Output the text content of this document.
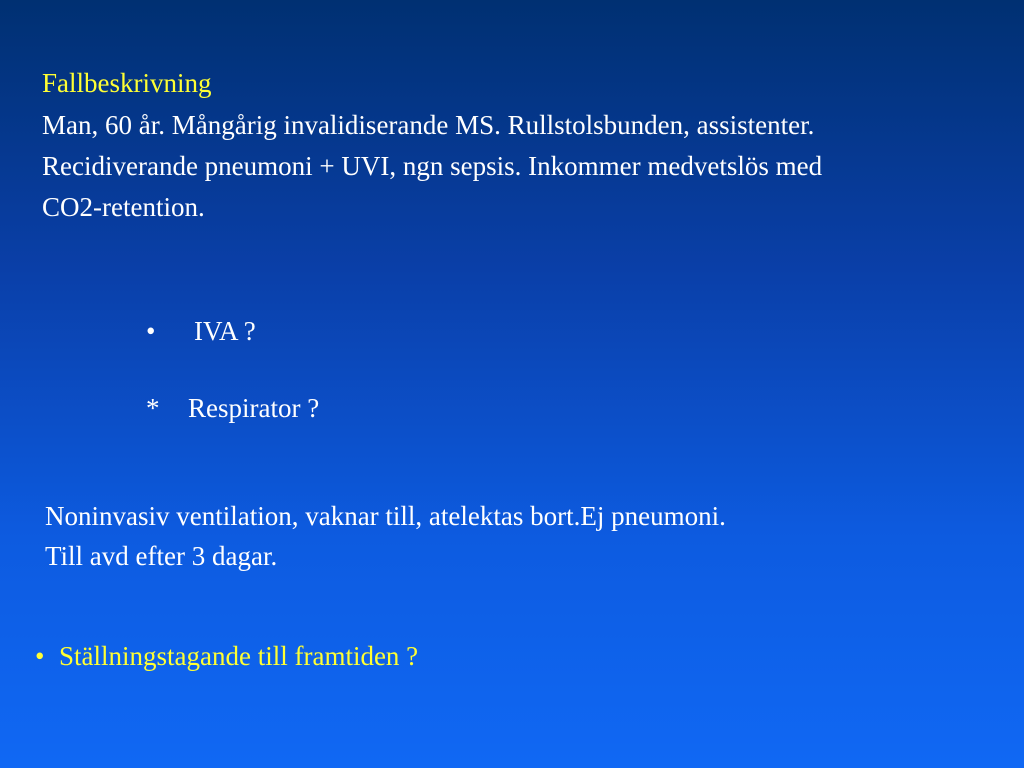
Fallbeskrivning
Man, 60 år. Mångårig invalidiserande MS. Rullstolsbunden, assistenter.
Recidiverande pneumoni + UVI, ngn sepsis. Inkommer medvetslös med
CO2-retention.
• IVA ?
* Respirator ?
Noninvasiv ventilation, vaknar till, atelektas bort.Ej pneumoni.
Till avd efter 3 dagar.
• Ställningstagande till framtiden ?
